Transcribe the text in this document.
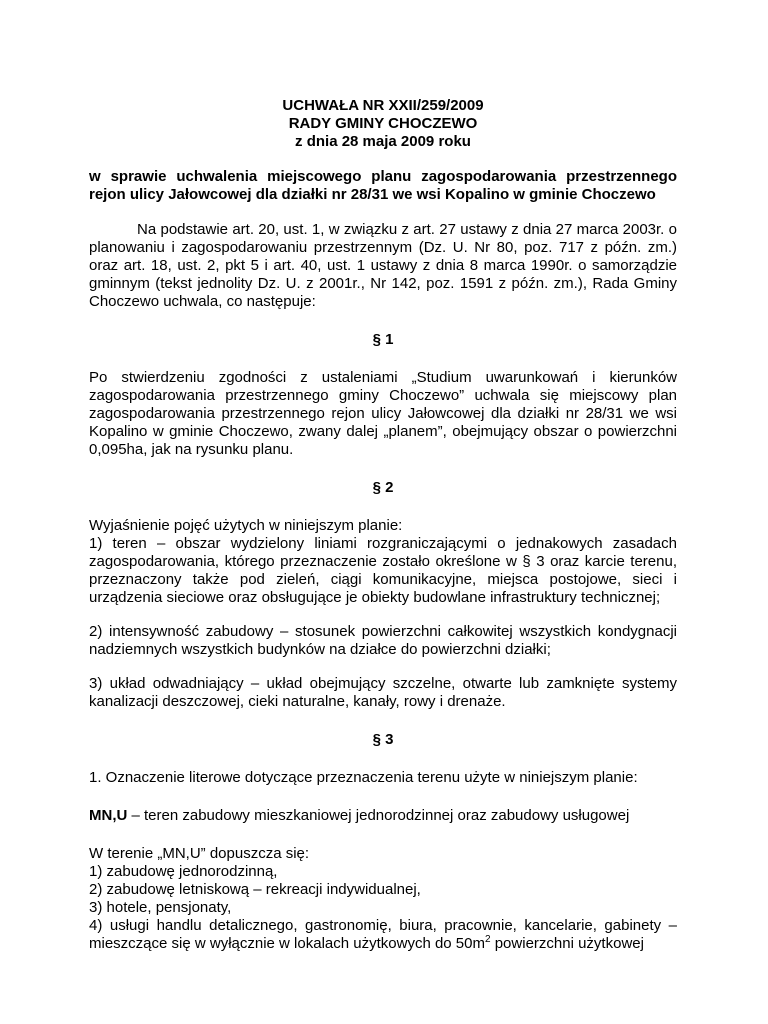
UCHWAŁA NR XXII/259/2009
RADY GMINY CHOCZEWO
z dnia 28 maja 2009 roku

w sprawie uchwalenia miejscowego planu zagospodarowania przestrzennego rejon ulicy Jałowcowej dla działki nr 28/31 we wsi Kopalino w gminie Choczewo

Na podstawie art. 20, ust. 1, w związku z art. 27 ustawy z dnia 27 marca 2003r. o planowaniu i zagospodarowaniu przestrzennym (Dz. U. Nr 80, poz. 717 z późn. zm.) oraz art. 18, ust. 2, pkt 5 i art. 40, ust. 1 ustawy z dnia 8 marca 1990r. o samorządzie gminnym (tekst jednolity Dz. U. z 2001r., Nr 142, poz. 1591 z późn. zm.), Rada Gminy Choczewo uchwala, co następuje:

§ 1

Po stwierdzeniu zgodności z ustaleniami „Studium uwarunkowań i kierunków zagospodarowania przestrzennego gminy Choczewo” uchwala się miejscowy plan zagospodarowania przestrzennego rejon ulicy Jałowcowej dla działki nr 28/31 we wsi Kopalino w gminie Choczewo, zwany dalej „planem”, obejmujący obszar o powierzchni 0,095ha, jak na rysunku planu.

§ 2

Wyjaśnienie pojęć użytych w niniejszym planie:

1) teren – obszar wydzielony liniami rozgraniczającymi o jednakowych zasadach zagospodarowania, którego przeznaczenie zostało określone w § 3 oraz karcie terenu, przeznaczony także pod zieleń, ciągi komunikacyjne, miejsca postojowe, sieci i urządzenia sieciowe oraz obsługujące je obiekty budowlane infrastruktury technicznej;

2) intensywność zabudowy – stosunek powierzchni całkowitej wszystkich kondygnacji nadziemnych wszystkich budynków na działce do powierzchni działki;

3) układ odwadniający – układ obejmujący szczelne, otwarte lub zamknięte systemy kanalizacji deszczowej, cieki naturalne, kanały, rowy i drenaże.

§ 3

1. Oznaczenie literowe dotyczące przeznaczenia terenu użyte w niniejszym planie:

MN,U – teren zabudowy mieszkaniowej jednorodzinnej oraz zabudowy usługowej

W terenie „MN,U” dopuszcza się:

1) zabudowę jednorodzinną,

2) zabudowę letniskową – rekreacji indywidualnej,

3) hotele, pensjonaty,

4) usługi handlu detalicznego, gastronomię, biura, pracownie, kancelarie, gabinety – mieszczące się w wyłącznie w lokalach użytkowych do $50m^2$ powierzchni użytkowej
